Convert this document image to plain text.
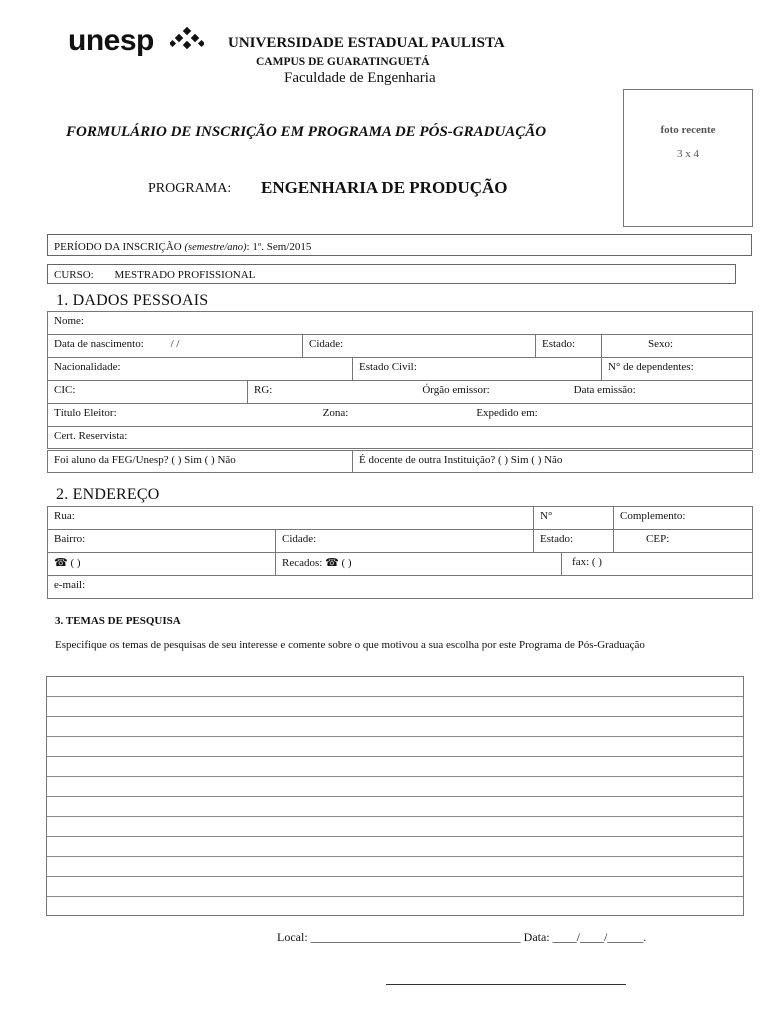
unesp	UNIVERSIDADE ESTADUAL PAULISTA
CAMPUS DE GUARATINGUETÁ
Faculdade de Engenharia
foto recente
3 x 4
FORMULÁRIO DE INSCRIÇÃO EM PROGRAMA DE PÓS-GRADUAÇÃO
PROGRAMA: ENGENHARIA DE PRODUÇÃO
PERÍODO DA INSCRIÇÃO (semestre/ano): 1º. Sem/2015
CURSO: MESTRADO PROFISSIONAL
1. DADOS PESSOAIS
Nome:					
Data de nascimento: / /		Cidade:		Estado:	Sexo:

Nacionalidade:			Estado Civil:		N° de dependentes:
CIC:	RG: Órgão emissor: Data emissão:				

Título Eleitor: Zona: Expedido em:					

Cert. Reservista:					
Foi aluno da FEG/Unesp? ( ) Sim ( ) Não			É docente de outra Instituição? ( ) Sim ( ) Não		
2. ENDEREÇO
Rua:		N°		Complemento:
Bairro:	Cidade:	Estado:		CEP:

☎ ( )	Recados: ☎ ( )		fax: ( )	

e-mail:				
3. TEMAS DE PESQUISA
Especifique os temas de pesquisas de seu interesse e comente sobre o que motivou a sua escolha por este Programa de Pós-Graduação
Local: ___________________________________ Data: ____/____/______.
